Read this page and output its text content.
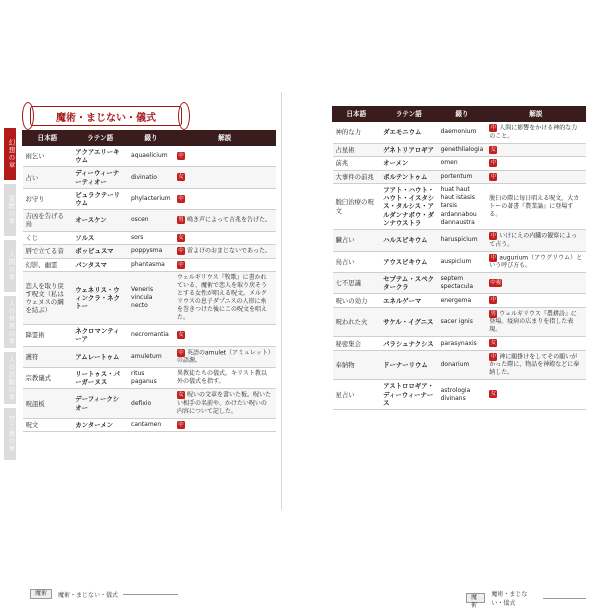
幻想の章
霊獣の章
人間の章
人の世界の章
人の活動の章
空と地の章
魔術・まじない・儀式
日本語	ラテン語	綴り	解説
雨乞い	アクアエリーキウム	aquaelicium	中
占い	ディーウィーナーティオー	divinatio	女
お守り	ピュラクテーリウム	phylacterium	中
吉凶を告げる鳥	オースケン	oscen	男 鳴き声によって吉兆を告げた。
くじ	ソルス	sors	女
唇で立てる音	ポッピュスマ	poppysma	中 雷よけのおまじないであった。
幻影、幽霊	パンタスマ	phantasma	中
恋人を取り戻す呪文（私はウェヌスの綱を結ぶ）	ウェネリス・ウィンクラ・ネクトー	Veneris vincula necto	ウェルギリウス『牧歌』に書かれている、魔術で恋人を取り戻そうとする女性が唱える呪文。メルクリウスの息子ダプニスの人形に糸を巻きつけた後にこの呪文を唱えた。
降霊術	ネクロマンティーア	necromantia	女
護符	アムレートゥム	amuletum	中 英語のamulet（アミュレット）の語源。
宗教儀式	リートゥス・パーガーヌス	ritus paganus	異教徒たちの儀式。キリスト教以外の儀式を指す。
呪詛板	デーフィークシオー	defixio	女 呪いの文章を書いた板。呪いたい相手の名前や、かけたい呪いの内容について記した。
呪文	カンターメン	cantamen	中
魔術	魔術・まじない・儀式
日本語	ラテン語	綴り	解説
神的な力	ダエモニウム	daemonium	中 人間に影響をかける神的な力のこと。
占星術	ゲネトリアロギア	genethlialogia	女
前兆	オーメン	omen	中
大事件の前兆	ポルテントゥム	portentum	中
脱臼治療の呪文	フアト・ハウト・ハウト・イスタシス・タルシス・アルダンナボウ・ダンナウストラ	huat haut haut istasis tarsis ardannabou dannaustra	脱臼の際に毎日唱える呪文。大カトーの著書『農業論』に登場する。
臓占い	ハルスピキウム	haruspicium	中 いけにえの内臓の観察によって占う。
鳥占い	アウスピキウム	auspicium	中 augurium（アウグリウム）という呼び方も。
七不思議	セプテム・スペクタークラ	septem spectacula	中複
呪いの効力	エネルゲーマ	energema	中
呪われた火	サケル・イグニス	sacer ignis	男 ウェルギリウス『農耕詩』に登場。疫病の広まりを指した表現。
秘密集会	パラシュナクシス	parasynaxis	女
奉納物	ドーナーリウム	donarium	中 神に願掛けをしてその願いがかった際に、物品を神殿などに奉納した。
星占い	アストロロギア・ディーウィーナース	astrologia divinans	女
魔術
魔術・まじない・儀式
